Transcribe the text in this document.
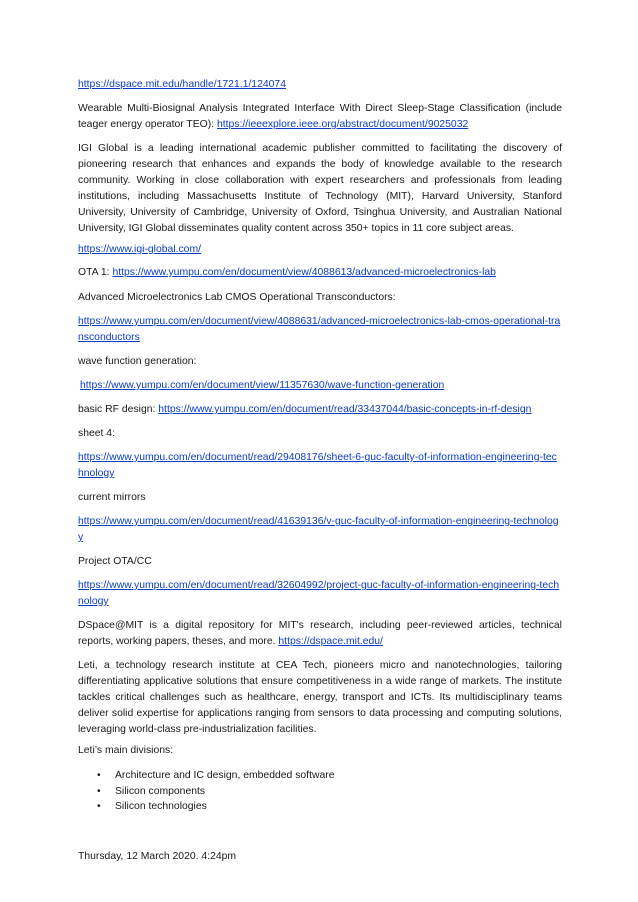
https://dspace.mit.edu/handle/1721.1/124074
Wearable Multi-Biosignal Analysis Integrated Interface With Direct Sleep-Stage Classification (include teager energy operator TEO): https://ieeexplore.ieee.org/abstract/document/9025032
IGI Global is a leading international academic publisher committed to facilitating the discovery of pioneering research that enhances and expands the body of knowledge available to the research community. Working in close collaboration with expert researchers and professionals from leading institutions, including Massachusetts Institute of Technology (MIT), Harvard University, Stanford University, University of Cambridge, University of Oxford, Tsinghua University, and Australian National University, IGI Global disseminates quality content across 350+ topics in 11 core subject areas.
https://www.igi-global.com/
OTA 1: https://www.yumpu.com/en/document/view/4088613/advanced-microelectronics-lab
Advanced Microelectronics Lab CMOS Operational Transconductors:
https://www.yumpu.com/en/document/view/4088631/advanced-microelectronics-lab-cmos-operational-transconductors
wave function generation:
https://www.yumpu.com/en/document/view/11357630/wave-function-generation
basic RF design: https://www.yumpu.com/en/document/read/33437044/basic-concepts-in-rf-design
sheet 4:
https://www.yumpu.com/en/document/read/29408176/sheet-6-guc-faculty-of-information-engineering-technology
current mirrors
https://www.yumpu.com/en/document/read/41639136/v-guc-faculty-of-information-engineering-technology
Project OTA/CC
https://www.yumpu.com/en/document/read/32604992/project-guc-faculty-of-information-engineering-technology
DSpace@MIT is a digital repository for MIT's research, including peer-reviewed articles, technical reports, working papers, theses, and more. https://dspace.mit.edu/
Leti, a technology research institute at CEA Tech, pioneers micro and nanotechnologies, tailoring differentiating applicative solutions that ensure competitiveness in a wide range of markets. The institute tackles critical challenges such as healthcare, energy, transport and ICTs. Its multidisciplinary teams deliver solid expertise for applications ranging from sensors to data processing and computing solutions, leveraging world-class pre-industrialization facilities.
Leti’s main divisions:
• Architecture and IC design, embedded software
• Silicon components
• Silicon technologies
Thursday, 12 March 2020. 4:24pm
